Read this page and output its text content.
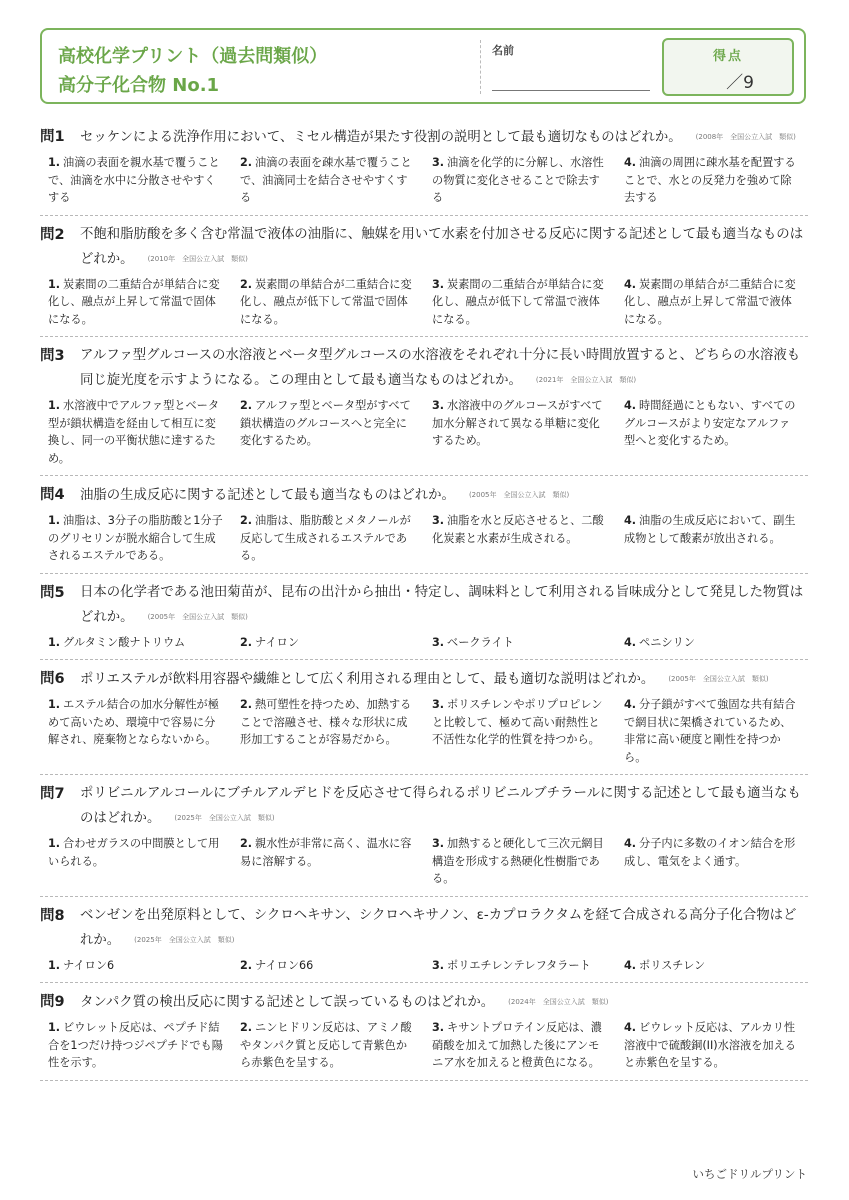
高校化学プリント（過去問類似）
高分子化合物 No.1
名前	得点
／9
問1	セッケンによる洗浄作用において、ミセル構造が果たす役割の説明として最も適切なものはどれか。 (2008年　全国公立入試　類似)
1. 油滴の表面を親水基で覆うことで、油滴を水中に分散させやすくする
2. 油滴の表面を疎水基で覆うことで、油滴同士を結合させやすくする
3. 油滴を化学的に分解し、水溶性の物質に変化させることで除去する
4. 油滴の周囲に疎水基を配置することで、水との反発力を強めて除去する
問2	不飽和脂肪酸を多く含む常温で液体の油脂に、触媒を用いて水素を付加させる反応に関する記述として最も適当なものはどれか。 (2010年　全国公立入試　類似)
1. 炭素間の二重結合が単結合に変化し、融点が上昇して常温で固体になる。
2. 炭素間の単結合が二重結合に変化し、融点が低下して常温で固体になる。
3. 炭素間の二重結合が単結合に変化し、融点が低下して常温で液体になる。
4. 炭素間の単結合が二重結合に変化し、融点が上昇して常温で液体になる。
問3	アルファ型グルコースの水溶液とベータ型グルコースの水溶液をそれぞれ十分に長い時間放置すると、どちらの水溶液も同じ旋光度を示すようになる。この理由として最も適当なものはどれか。 (2021年　全国公立入試　類似)
1. 水溶液中でアルファ型とベータ型が鎖状構造を経由して相互に変換し、同一の平衡状態に達するため。
2. アルファ型とベータ型がすべて鎖状構造のグルコースへと完全に変化するため。
3. 水溶液中のグルコースがすべて加水分解されて異なる単糖に変化するため。
4. 時間経過にともない、すべてのグルコースがより安定なアルファ型へと変化するため。
問4	油脂の生成反応に関する記述として最も適当なものはどれか。 (2005年　全国公立入試　類似)
1. 油脂は、3分子の脂肪酸と1分子のグリセリンが脱水縮合して生成されるエステルである。
2. 油脂は、脂肪酸とメタノールが反応して生成されるエステルである。
3. 油脂を水と反応させると、二酸化炭素と水素が生成される。
4. 油脂の生成反応において、副生成物として酸素が放出される。
問5	日本の化学者である池田菊苗が、昆布の出汁から抽出・特定し、調味料として利用される旨味成分として発見した物質はどれか。 (2005年　全国公立入試　類似)
1. グルタミン酸ナトリウム	2. ナイロン	3. ベークライト	4. ペニシリン
問6	ポリエステルが飲料用容器や繊維として広く利用される理由として、最も適切な説明はどれか。 (2005年　全国公立入試　類似)
1. エステル結合の加水分解性が極めて高いため、環境中で容易に分解され、廃棄物とならないから。
2. 熱可塑性を持つため、加熱することで溶融させ、様々な形状に成形加工することが容易だから。
3. ポリスチレンやポリプロピレンと比較して、極めて高い耐熱性と不活性な化学的性質を持つから。
4. 分子鎖がすべて強固な共有結合で網目状に架橋されているため、非常に高い硬度と剛性を持つから。
問7	ポリビニルアルコールにブチルアルデヒドを反応させて得られるポリビニルブチラールに関する記述として最も適当なものはどれか。 (2025年　全国公立入試　類似)
1. 合わせガラスの中間膜として用いられる。
2. 親水性が非常に高く、温水に容易に溶解する。
3. 加熱すると硬化して三次元網目構造を形成する熱硬化性樹脂である。
4. 分子内に多数のイオン結合を形成し、電気をよく通す。
問8	ベンゼンを出発原料として、シクロヘキサン、シクロヘキサノン、ε-カプロラクタムを経て合成される高分子化合物はどれか。 (2025年　全国公立入試　類似)
1. ナイロン6	2. ナイロン66	3. ポリエチレンテレフタラート	4. ポリスチレン
問9	タンパク質の検出反応に関する記述として誤っているものはどれか。 (2024年　全国公立入試　類似)
1. ビウレット反応は、ペプチド結合を1つだけ持つジペプチドでも陽性を示す。
2. ニンヒドリン反応は、アミノ酸やタンパク質と反応して青紫色から赤紫色を呈する。
3. キサントプロテイン反応は、濃硝酸を加えて加熱した後にアンモニア水を加えると橙黄色になる。
4. ビウレット反応は、アルカリ性溶液中で硫酸銅(II)水溶液を加えると赤紫色を呈する。
いちごドリルプリント
